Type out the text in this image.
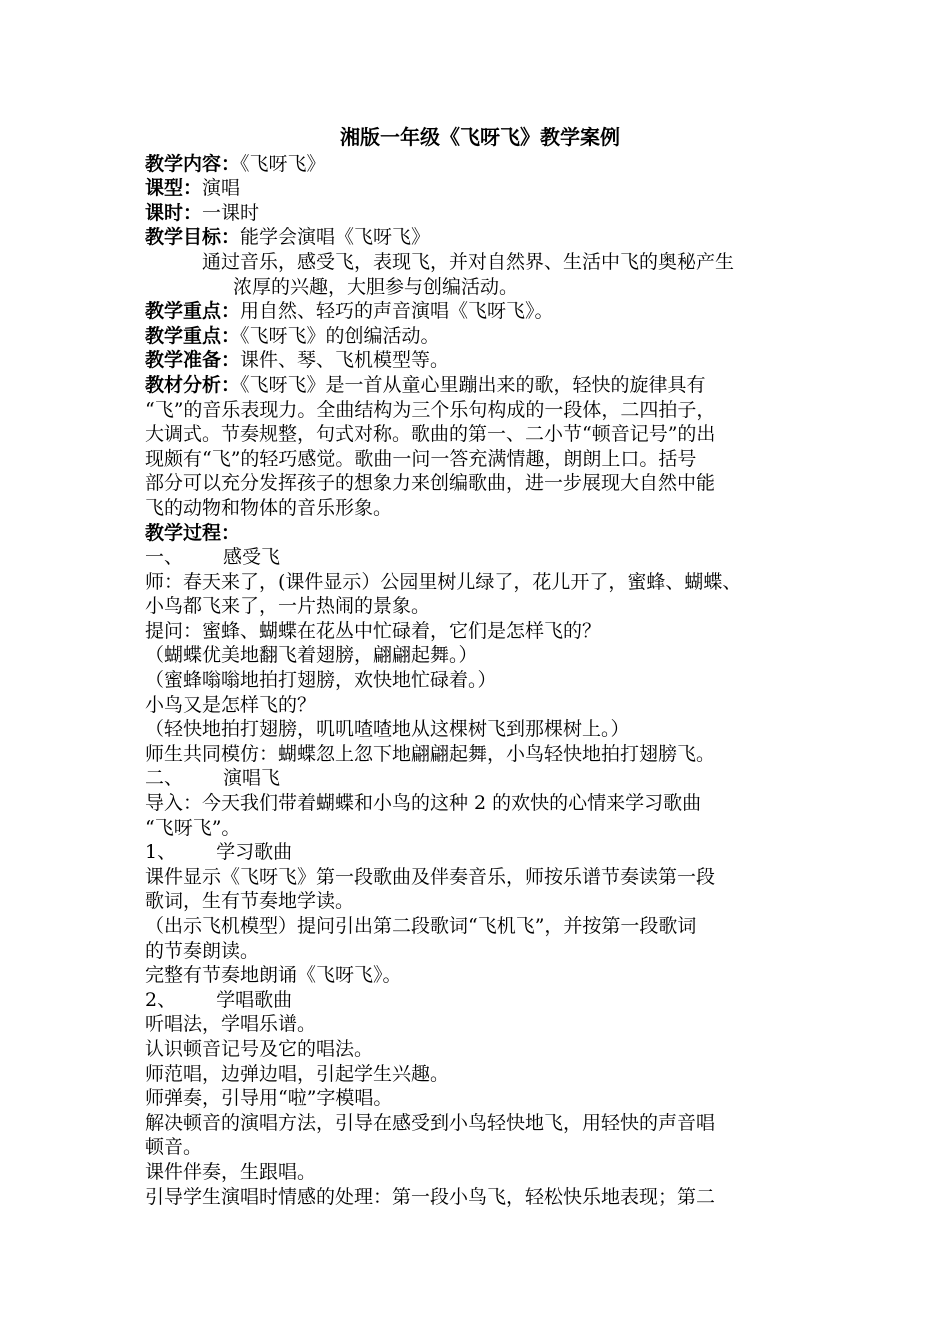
湘版一年级《飞呀飞》教学案例
教学内容：《飞呀飞》
课型：演唱
课时：一课时
教学目标：能学会演唱《飞呀飞》
通过音乐，感受飞，表现飞，并对自然界、生活中飞的奥秘产生
浓厚的兴趣，大胆参与创编活动。
教学重点：用自然、轻巧的声音演唱《飞呀飞》。
教学重点：《飞呀飞》的创编活动。
教学准备：课件、琴、飞机模型等。
教材分析：《飞呀飞》是一首从童心里蹦出来的歌，轻快的旋律具有
“飞”的音乐表现力。全曲结构为三个乐句构成的一段体，二四拍子，
大调式。节奏规整，句式对称。歌曲的第一、二小节“顿音记号”的出
现颇有“飞”的轻巧感觉。歌曲一问一答充满情趣，朗朗上口。括号
部分可以充分发挥孩子的想象力来创编歌曲，进一步展现大自然中能
飞的动物和物体的音乐形象。
教学过程：
一、 感受飞
师：春天来了，(课件显示）公园里树儿绿了，花儿开了，蜜蜂、蝴蝶、
小鸟都飞来了，一片热闹的景象。
提问：蜜蜂、蝴蝶在花丛中忙碌着，它们是怎样飞的？
（蝴蝶优美地翻飞着翅膀，翩翩起舞。）
（蜜蜂嗡嗡地拍打翅膀，欢快地忙碌着。）
小鸟又是怎样飞的？
（轻快地拍打翅膀，叽叽喳喳地从这棵树飞到那棵树上。）
师生共同模仿：蝴蝶忽上忽下地翩翩起舞，小鸟轻快地拍打翅膀飞。
二、 演唱飞
导入：今天我们带着蝴蝶和小鸟的这种 2 的欢快的心情来学习歌曲
“飞呀飞”。
1、 学习歌曲
课件显示《飞呀飞》第一段歌曲及伴奏音乐，师按乐谱节奏读第一段
歌词，生有节奏地学读。
（出示飞机模型）提问引出第二段歌词“飞机飞”，并按第一段歌词
的节奏朗读。
完整有节奏地朗诵《飞呀飞》。
2、 学唱歌曲
听唱法，学唱乐谱。
认识顿音记号及它的唱法。
师范唱，边弹边唱，引起学生兴趣。
师弹奏，引导用“啦”字模唱。
解决顿音的演唱方法，引导在感受到小鸟轻快地飞，用轻快的声音唱
顿音。
课件伴奏，生跟唱。
引导学生演唱时情感的处理：第一段小鸟飞，轻松快乐地表现；第二
